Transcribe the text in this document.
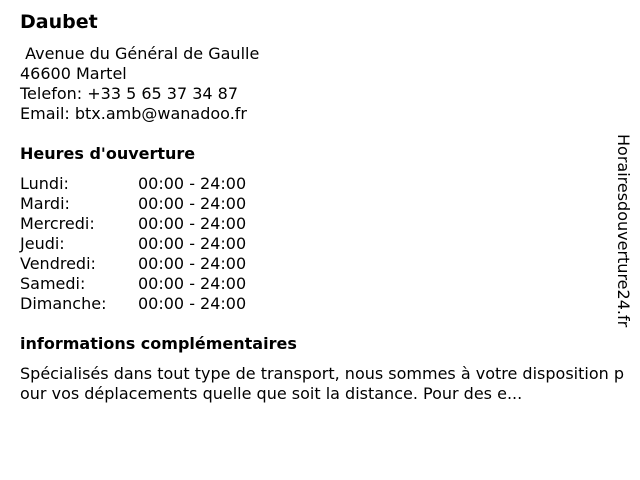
Daubet
Avenue du Général de Gaulle
46600 Martel
Telefon: +33 5 65 37 34 87
Email: btx.amb@wanadoo.fr
Heures d'ouverture
Lundi:	00:00 - 24:00
Mardi:	00:00 - 24:00
Mercredi:	00:00 - 24:00
Jeudi:	00:00 - 24:00
Vendredi:	00:00 - 24:00
Samedi:	00:00 - 24:00
Dimanche:	00:00 - 24:00
informations complémentaires

Spécialisés dans tout type de transport, nous sommes à votre disposition pour vos déplacements quelle que soit la distance. Pour des e...

Horairesdouverture24.fr
